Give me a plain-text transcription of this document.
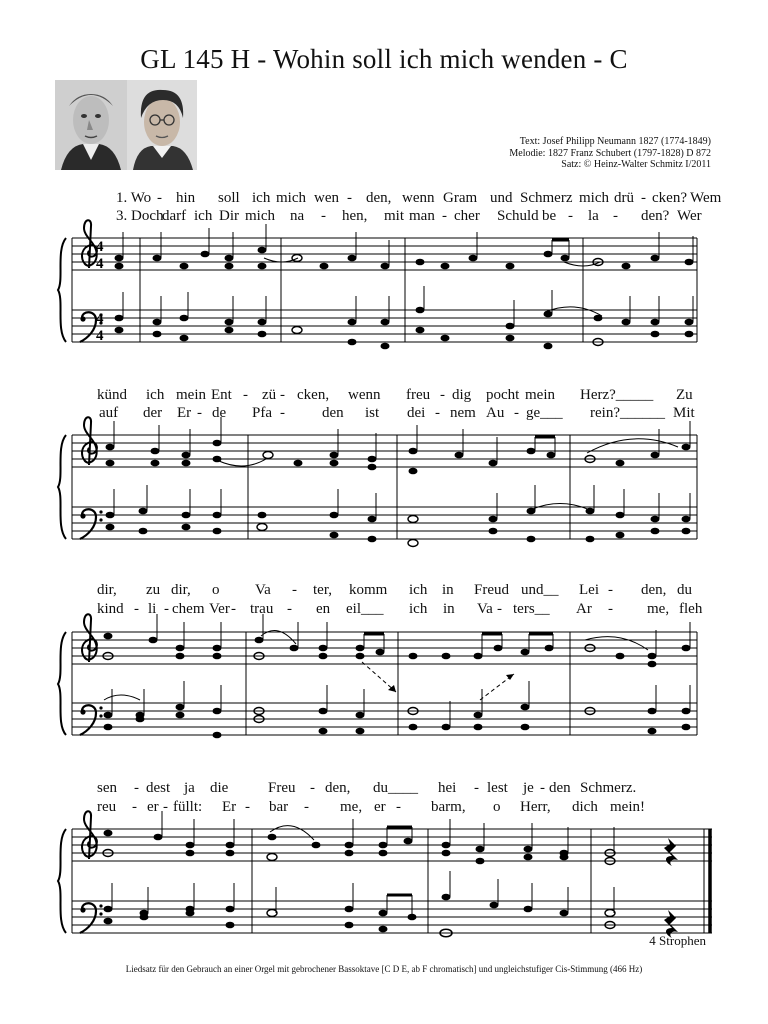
GL 145 H - Wohin soll ich mich wenden - C
Text: Josef Philipp Neumann 1827 (1774-1849)
Melodie: 1827 Franz Schubert (1797-1828) D 872
Satz: © Heinz-Walter Schmitz I/2011
1. Wo - hin soll ich mich wen - den, wenn Gram und Schmerz mich drü - cken? Wem
3. Doch
darf ich Dir mich na - hen, mit man - cher Schuld be - la - den? Wer
künd ich mein Ent - zü - cken, wenn freu - dig pocht mein Herz?_____ Zu
auf der Er - de Pfa - den ist dei - nem Au - ge___ rein?______ Mit
dir, zu dir, o Va - ter, komm ich in Freud und__ Lei - den, du
kind - li - chem Ver - trau - en eil___ ich in Va - ters__ Ar - me, fleh
sen - dest ja die	Freu - den, du____ hei - lest je - den Schmerz.
reu - er - füllt: Er - bar - me, er - barm, o Herr, dich mein!
4
4
4
4
4 Strophen
Liedsatz für den Gebrauch an einer Orgel mit gebrochener Bassoktave [C D E, ab F chromatisch] und ungleichstufiger Cis-Stimmung (466 Hz)
